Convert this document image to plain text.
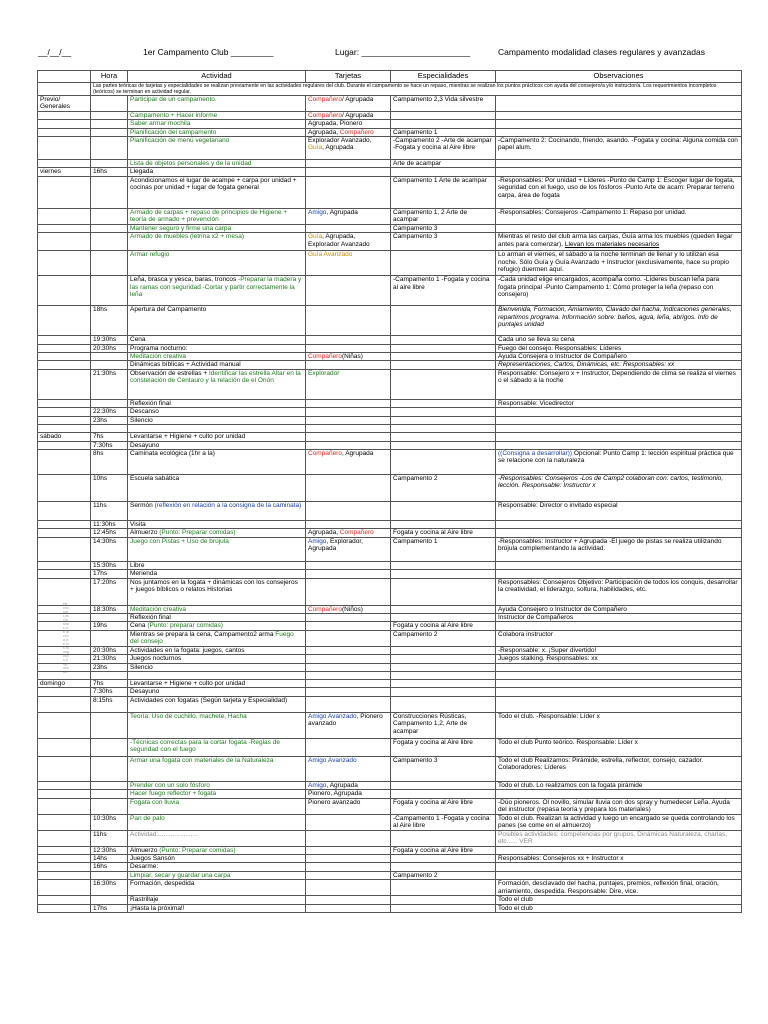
__/__/__	1er Campamento Club _________	Lugar: _______________________	Campamento modalidad clases regulares y avanzadas
Hecho por Los Orishas de la zona de los Mongosos Argentinos
	Hora	Actividad	Tarjetas	Especialidades	Observaciones
	Las partes teóricas de tarjetas y especialidades se realizan previamente en las actividades regulares del club. Durante el campamento se hace un repaso, mientras se realizan los puntos prácticos con ayuda del consejero/a y/o instructor/a. Los requerimientos incompletos (teóricos) se terminan en actividad regular.				
Previo/ Generales		Participar de un campamento.	Compañero/ Agrupada	Campamento 2,3 Vida silvestre	
		Campamento + Hacer informe	Compañero/ Agrupada		
		Saber armar mochila	Agrupada, Pionero		
		Planificación del campamento	Agrupada, Compañero	Campamento 1	
		Planificación de menú vegetariano	Explorador Avanzado, Guía, Agrupada	-Campamento 2 -Arte de acampar -Fogata y cocina al Aire libre	-Campamento 2: Cocinando, friendo, asando. -Fogata y cocina: Alguna comida con papel alum.
		Lista de objetos personales y de la unidad		Arte de acampar	
viernes	16hs	Llegada			
		Acondicionamos el lugar de acampe + carpa por unidad + cocinas por unidad + lugar de fogata general		Campamento 1 Arte de acampar	-Responsables: Por unidad + Líderes -Punto de Camp 1: Escoger lugar de fogata, seguridad con el fuego, uso de los fósforos -Punto Arte de acam: Preparar terreno carpa, área de fogata
		Armado de carpas + repaso de principios de Higiene + teoría de armado + prevención	Amigo, Agrupada	Campamento 1, 2 Arte de acampar	-Responsables: Consejeros -Campamento 1: Repaso por unidad.
		Mantener seguro y firme una carpa		Campamento 3	
		Armado de muebles (letrina x2 + mesa)	Guía, Agrupada, Explorador Avanzado	Campamento 3	Mientras el resto del club arma las carpas, Guía arma los muebles (queden llegar antes para comenzar). Llevan los materiales necesarios
		Armar refugio	Guía Avanzado		Lo arman el viernes, el sábado a la noche terminan de llenar y lo utilizan esa noche. Sólo Guía y Guía Avanzado + Instructor (exclusivamente, hace su propio refugio) duermen aquí.
		Leña, brasca y yesca, baras, troncos -Preparar la madera y las ramas con seguridad -Cortar y partir correctamente la leña		-Campamento 1 -Fogata y cocina al aire libre	-Cada unidad elige encargados, acompaña como. -Líderes buscan leña para fogata principal -Punto Campamento 1: Cómo proteger la leña (repaso con consejero)
	18hs	Apertura del Campamento			Bienvenida, Formación, Amiamiento, Clavado del hacha, Indicaciones generales, repartimos programa. Información sobre: baños, agua, leña, abrigos. Info de puntajes unidad
	19:30hs	Cena			Cada uno se lleva su cena
	20:30hs	Programa nocturno:			Fuego del consejo. Responsables: Líderes
		Meditación creativa	Compañero(Niñas)		Ayuda Consejera o Instructor de Compañero
		Dinámicas bíblicas + Actividad manual			Representaciones, Cartos, Dinámicas, etc. Responsables: xx
	21:30hs	Observación de estrellas + Identificar las estrella Altar en la constelación de Centauro y la relación de el Orión	Explorador		Responsable: Consejero x + Instructor, Dependiendo de clima se realiza el viernes o el sábado a la noche
		Reflexión final			Responsable: Vicedirector
	22:30hs	Descanso			
	23hs	Silencio			

sábado	7hs	Levantarse + Higiene + culto por unidad			
	7:30hs	Desayuno			
	8hs	Caminata ecológica (1hr a la)	Compañero, Agrupada		((Consigna a desarrollar)) Opcional: Punto Camp 1: lección espiritual práctica que se relacione con la naturaleza
	10hs	Escuela sabática		Campamento 2	-Responsables: Consejeros -Los de Camp2 colaboran con: cartos, testimonio, lección. Responsable: Instructor x
	11hs	Sermón (reflexión en relación a la consigna de la caminata)			Responsable: Director o invitado especial
	11:30hs	Visita			
	12:45hs	Almuerzo (Punto: Preparar comidas)	Agrupada, Compañero	Fogata y cocina al Aire libre	
	14:30hs	Juego con Pistas + Uso de brújula	Amigo, Explorador, Agrupada	Campamento 1	-Responsables: Instructor + Agrupada -El juego de pistas se realiza utilizando brújula complementando la actividad.
	15:30hs	Libre			
	17hs	Merienda			
	17:20hs	Nos juntamos en la fogata + dinámicas con los consejeros + juegos bíblicos o relatos Historias			Responsables: Consejeros Objetivo: Participación de todos los conquis, desarrollar la creatividad, el liderazgo, soltura, habilidades, etc.
	18:30hs	Meditación creativa	Compañero(Niños)		Ayuda Consejero o Instructor de Compañero
		Reflexión final			Instructor de Compañeros
	19hs	Cena (Punto: preparar comidas)		Fogata y cocina al Aire libre	
		Mientras se prepara la cena, Campamento2 arma Fuego del consejo		Campamento 2	Colabora instructor
	20:30hs	Actividades en la fogata: juegos, cantos			-Responsable: x. ¡Super divertido!
	21:30hs	Juegos nocturnos			Juegos stalking. Responsables: xx
	23hs	Silencio			

domingo	7hs	Levantarse + Higiene + culto por unidad			
	7:30hs	Desayuno			
	8:15hs	Actividades con fogatas (Según tarjeta y Especialidad)			
		Teoría: Uso de cuchillo, machete, Hacha	Amigo Avanzado, Pionero avanzado	Construcciones Rústicas, Campamento 1,2, Arte de acampar	Todo el club. -Responsable: Líder x
		-Técnicas correctas para la cortar fogata -Reglas de seguridad con el fuego		Fogata y cocina al Aire libre	Todo el club Punto teórico. Responsable: Líder x
		Armar una fogata con materiales de la Naturaleza	Amigo Avanzado	Campamento 3	Todo el club Realizamos: Pirámide, estrella, reflector, consejo, cazador. Colaboradores: Líderes
		Prender con un solo fósforo	Amigo, Agrupada		Todo el club. Lo realizamos con la fogata pirámide
		Hacer fuego reflector + fogata	Pionero, Agrupada		
		Fogata con lluvia	Pionero avanzado	Fogata y cocina al Aire libre	-Dúo pioneros. Ol novillo, simular lluvia con dos spray y humedecer Leña. Ayuda del instructor (repasa teoría y prepara los materiales)
	10:30hs	Pan de palo		-Campamento 1 -Fogata y cocina al Aire libre	Todo el club. Realizan la actividad y luego un encargado se queda controlando los panes (se come en el almuerzo)
	11hs	Actividad:......................			Posibles actividades: competencias por grupos, Dinámicas Naturaleza, charlas, etc...... VER
	12:30hs	Almuerzo (Punto: Preparar comidas)		Fogata y cocina al Aire libre	
	14hs	Juegos Sansón			Responsables: Consejeros xx + Instructor x
	16hs	Desarme:			
		Limpiar, secar y guardar una carpa		Campamento 2	
	16:30hs	Formación, despedida			Formación, desclavado del hacha, puntajes, premios, reflexión final, oración, arriamiento, despedida. Responsable: Dire, vice.
		Rastrillaje			Todo el club
	17hs	¡Hasta la próxima!!			Todo el club
